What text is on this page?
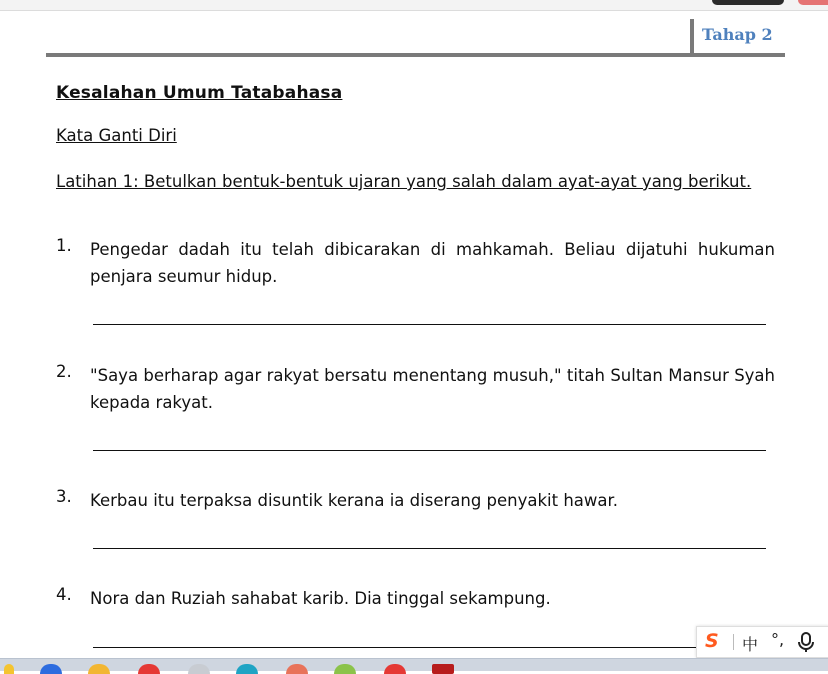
Tahap 2
Kesalahan Umum Tatabahasa
Kata Ganti Diri
Latihan 1: Betulkan bentuk-bentuk ujaran yang salah dalam ayat-ayat yang berikut.
1. Pengedar dadah itu telah dibicarakan di mahkamah. Beliau dijatuhi hukuman penjara seumur hidup.
2. "Saya berharap agar rakyat bersatu menentang musuh," titah Sultan Mansur Syah kepada rakyat.
3. Kerbau itu terpaksa disuntik kerana ia diserang penyakit hawar.
4. Nora dan Ruziah sahabat karib. Dia tinggal sekampung.
S 中 °,
